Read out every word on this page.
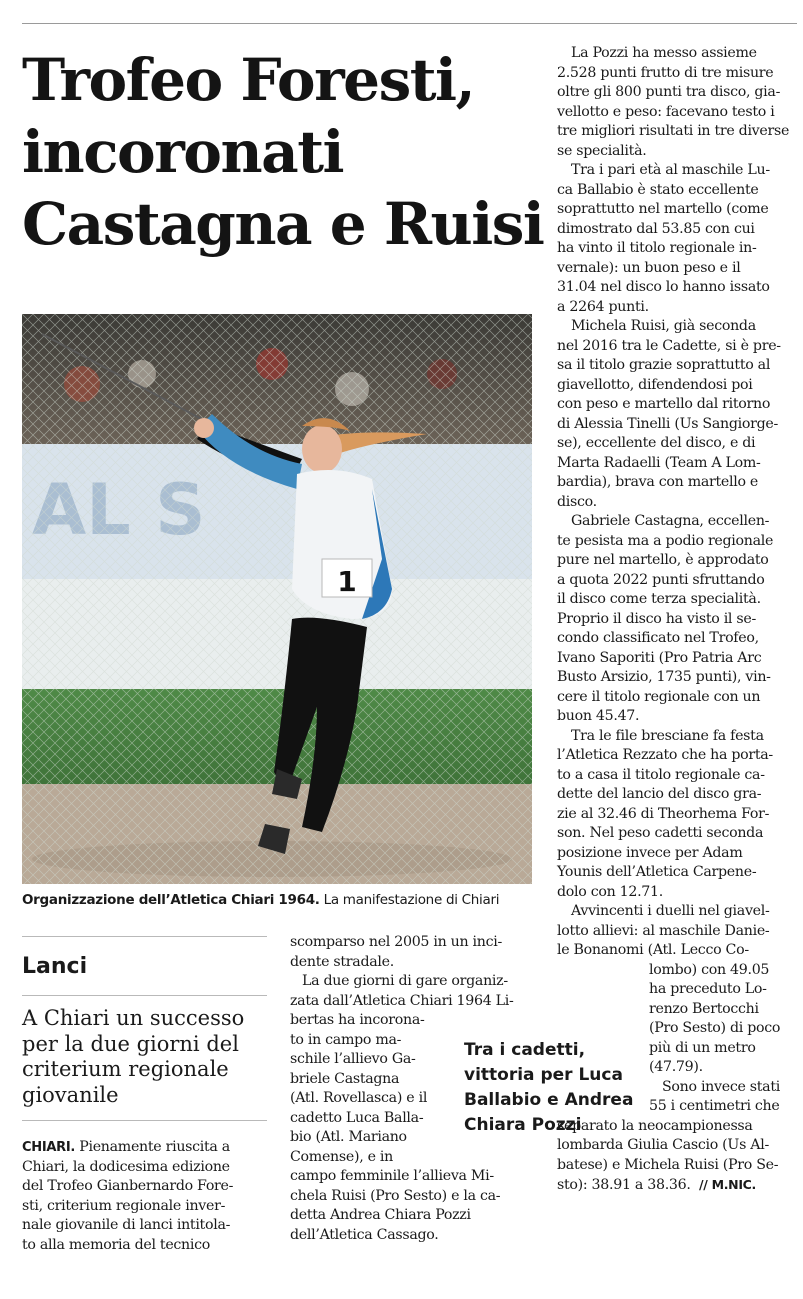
Trofeo Foresti,
incoronati
Castagna e Ruisi
1
Organizzazione dell’Atletica Chiari 1964. La manifestazione di Chiari
Lanci
A Chiari un successo per la due giorni del criterium regionale giovanile
CHIARI. Pienamente riuscita a
Chiari, la dodicesima edizione
del Trofeo Gianbernardo Fore-
sti, criterium regionale inver-
nale giovanile di lanci intitola-
to alla memoria del tecnico
scomparso nel 2005 in un inci-
dente stradale.
La due giorni di gare organiz-
zata dall’Atletica Chiari 1964 Li-
bertas ha incorona-
to in campo ma-
schile l’allievo Ga-
briele Castagna
(Atl. Rovellasca) e il
cadetto Luca Balla-
bio (Atl. Mariano
Comense), e in
campo femminile l’allieva Mi-
chela Ruisi (Pro Sesto) e la ca-
detta Andrea Chiara Pozzi
dell’Atletica Cassago.
Tra i cadetti, vittoria per Luca Ballabio e Andrea Chiara Pozzi
La Pozzi ha messo assieme
2.528 punti frutto di tre misure
oltre gli 800 punti tra disco, gia-
vellotto e peso: facevano testo i
tre migliori risultati in tre diverse
se specialità.
Tra i pari età al maschile Lu-
ca Ballabio è stato eccellente
soprattutto nel martello (come
dimostrato dal 53.85 con cui
ha vinto il titolo regionale in-
vernale): un buon peso e il
31.04 nel disco lo hanno issato
a 2264 punti.
Michela Ruisi, già seconda
nel 2016 tra le Cadette, si è pre-
sa il titolo grazie soprattutto al
giavellotto, difendendosi poi
con peso e martello dal ritorno
di Alessia Tinelli (Us Sangiorge-
se), eccellente del disco, e di
Marta Radaelli (Team A Lom-
bardia), brava con martello e
disco.
Gabriele Castagna, eccellen-
te pesista ma a podio regionale
pure nel martello, è approdato
a quota 2022 punti sfruttando
il disco come terza specialità.
Proprio il disco ha visto il se-
condo classificato nel Trofeo,
Ivano Saporiti (Pro Patria Arc
Busto Arsizio, 1735 punti), vin-
cere il titolo regionale con un
buon 45.47.
Tra le file bresciane fa festa
l’Atletica Rezzato che ha porta-
to a casa il titolo regionale ca-
dette del lancio del disco gra-
zie al 32.46 di Theorhema For-
son. Nel peso cadetti seconda
posizione invece per Adam
Younis dell’Atletica Carpene-
dolo con 12.71.
Avvincenti i duelli nel giavel-
lotto allievi: al maschile Danie-
le Bonanomi (Atl. Lecco Co-
lombo) con 49.05
ha preceduto Lo-
renzo Bertocchi
(Pro Sesto) di poco
più di un metro
(47.79).
Sono invece stati
55 i centimetri che
separato la neocampionessa
lombarda Giulia Cascio (Us Al-
batese) e Michela Ruisi (Pro Se-
sto): 38.91 a 38.36. // M.NIC.
